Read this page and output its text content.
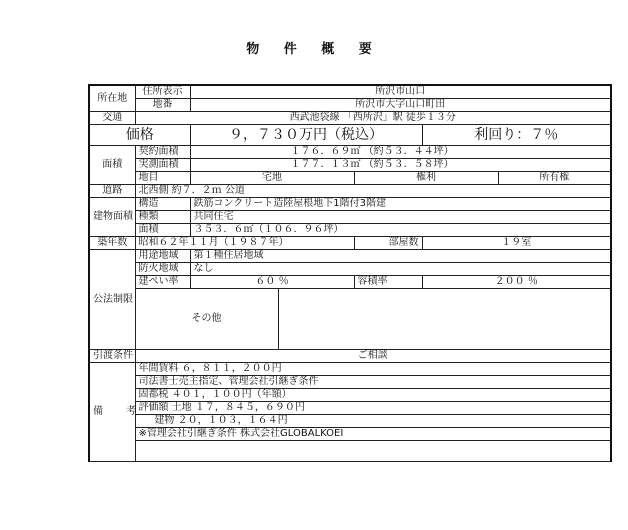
物 件 概 要
所在地	住所表示	所沢市山口				
	地番	所沢市大字山口町田				
交通	西武池袋線 「西所沢」駅 徒歩１３分					
価格		９，７３０万円（税込）			利回り：７％	
面積	契約面積	１７６．６９㎡ （約５３．４４坪）				
	実測面積	１７７．１３㎡ （約５３．５８坪）				
	地目	宅地		権利		所有権
道路	北西側 約７．２ｍ 公道					
建物面積	構造	鉄筋コンクリート造陸屋根地下1階付3階建				
	種類	共同住宅				
	面積	３５３．６㎡（１０６．９６坪）				
築年数	昭和６２年１１月（１９８７年）			部屋数	１９室	
公法制限	用途地域	第１種住居地域				
	防火地域	なし				
	建ぺい率	６０ ％		容積率	２００ ％	
	その他					

引渡条件	ご相談					
備 考	年間賃料 ６，８１１，２００円					
	司法書士売主指定、管理会社引継ぎ条件					
	固都税 ４０１，１００円（年額）					
	評価額 土地 １７，８４５，６９０円					
	建物 ２０，１０３，１６４円					
	※管理会社引継ぎ条件 株式会社GLOBALKOEI					
